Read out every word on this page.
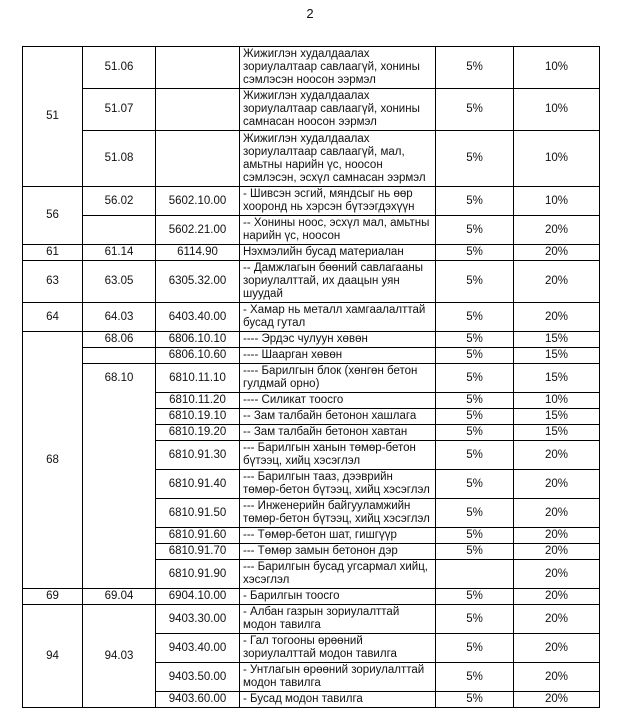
2
51	51.06		Жижиглэн худалдаалах зориулалтаар савлаагүй, хонины сэмлэсэн ноосон ээрмэл	5%	10%
	51.07		Жижиглэн худалдаалах зориулалтаар савлаагүй, хонины самнасан ноосон ээрмэл	5%	10%
	51.08		Жижиглэн худалдаалах зориулалтаар савлаагүй, мал, амьтны нарийн үс, ноосон сэмлэсэн, эсхүл самнасан ээрмэл	5%	10%
56	56.02	5602.10.00	- Шивсэн эсгий, мяндсыг нь өөр хооронд нь хэрсэн бүтээгдэхүүн	5%	10%
		5602.21.00	-- Хонины ноос, эсхүл мал, амьтны нарийн үс, ноосон	5%	20%
61	61.14	6114.90	Нэхмэлийн бусад материалан	5%	20%
63	63.05	6305.32.00	-- Дамжлагын бөөний савлагааны зориулалттай, их даацын уян шуудай	5%	20%
64	64.03	6403.40.00	- Хамар нь металл хамгаалалттай бусад гутал	5%	20%
68	68.06	6806.10.10	---- Эрдэс чулуун хөвөн	5%	15%
		6806.10.60	---- Шаарган хөвөн	5%	15%
	68.10	6810.11.10	---- Барилгын блок (хөнгөн бетон гулдмай орно)	5%	15%
		6810.11.20	---- Силикат тоосго	5%	10%
		6810.19.10	-- Зам талбайн бетонон хашлага	5%	15%
		6810.19.20	-- Зам талбайн бетонон хавтан	5%	15%
		6810.91.30	--- Барилгын ханын төмөр-бетон бүтээц, хийц хэсэглэл	5%	20%
		6810.91.40	--- Барилгын тааз, дээврийн төмөр-бетон бүтээц, хийц хэсэглэл	5%	20%
		6810.91.50	--- Инженерийн байгууламжийн төмөр-бетон бүтээц, хийц хэсэглэл	5%	20%
		6810.91.60	--- Төмөр-бетон шат, гишгүүр	5%	20%
		6810.91.70	--- Төмөр замын бетонон дэр	5%	20%
		6810.91.90	--- Барилгын бусад угсармал хийц, хэсэглэл		20%
69	69.04	6904.10.00	- Барилгын тоосго	5%	20%
94	94.03	9403.30.00	- Албан газрын зориулалттай модон тавилга	5%	20%
		9403.40.00	- Гал тогооны өрөөний зориулалттай модон тавилга	5%	20%
		9403.50.00	- Унтлагын өрөөний зориулалттай модон тавилга	5%	20%
		9403.60.00	- Бусад модон тавилга	5%	20%
